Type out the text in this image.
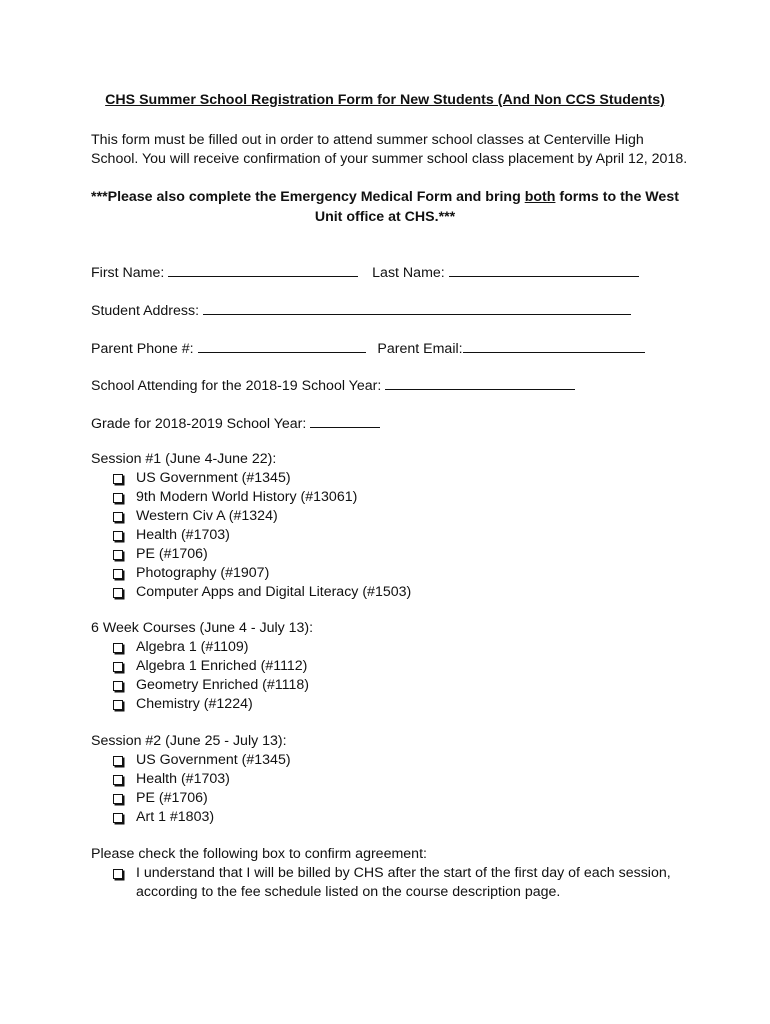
CHS Summer School Registration Form for New Students (And Non CCS Students)
This form must be filled out in order to attend summer school classes at Centerville High
School. You will receive confirmation of your summer school class placement by April 12, 2018.
***Please also complete the Emergency Medical Form and bring both forms to the West
Unit office at CHS.***
First Name:	Last Name:
Student Address:
Parent Phone #:	Parent Email:
School Attending for the 2018-19 School Year:
Grade for 2018-2019 School Year:
Session #1 (June 4-June 22):
US Government (#1345)
9th Modern World History (#13061)
Western Civ A (#1324)
Health (#1703)
PE (#1706)
Photography (#1907)
Computer Apps and Digital Literacy (#1503)
6 Week Courses (June 4 - July 13):
Algebra 1 (#1109)
Algebra 1 Enriched (#1112)
Geometry Enriched (#1118)
Chemistry (#1224)
Session #2 (June 25 - July 13):
US Government (#1345)
Health (#1703)
PE (#1706)
Art 1 #1803)
Please check the following box to confirm agreement:
I understand that I will be billed by CHS after the start of the first day of each session,
according to the fee schedule listed on the course description page.
